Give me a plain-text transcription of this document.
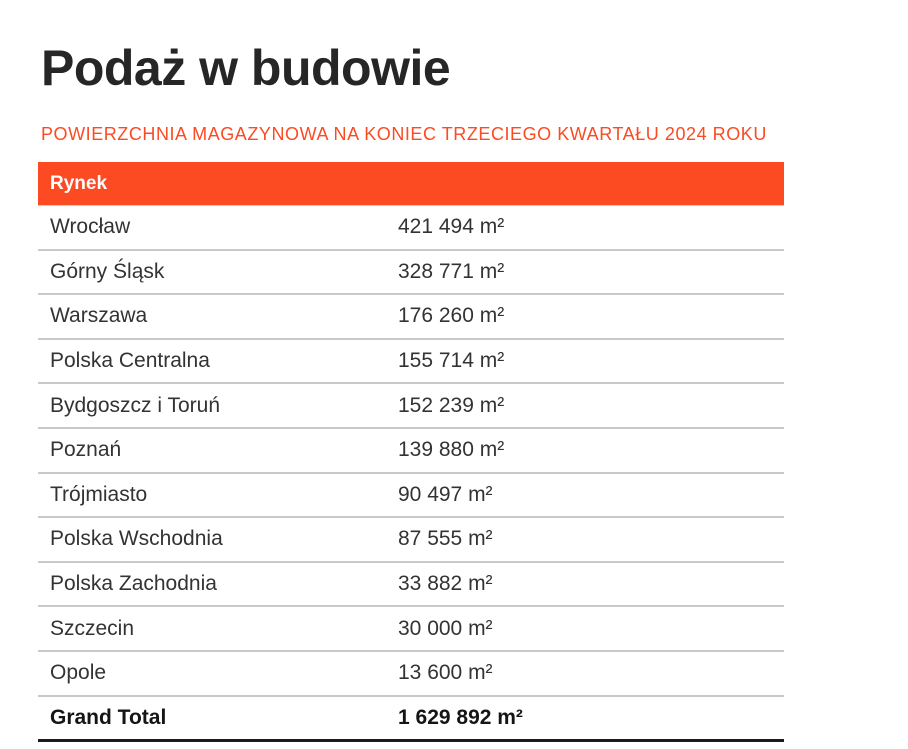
Podaż w budowie

POWIERZCHNIA MAGAZYNOWA NA KONIEC TRZECIEGO KWARTAŁU 2024 ROKU

Rynek	
Wrocław	421 494 m²
Górny Śląsk	328 771 m²
Warszawa	176 260 m²
Polska Centralna	155 714 m²
Bydgoszcz i Toruń	152 239 m²
Poznań	139 880 m²
Trójmiasto	90 497 m²
Polska Wschodnia	87 555 m²
Polska Zachodnia	33 882 m²
Szczecin	30 000 m²
Opole	13 600 m²
Grand Total	1 629 892 m²
